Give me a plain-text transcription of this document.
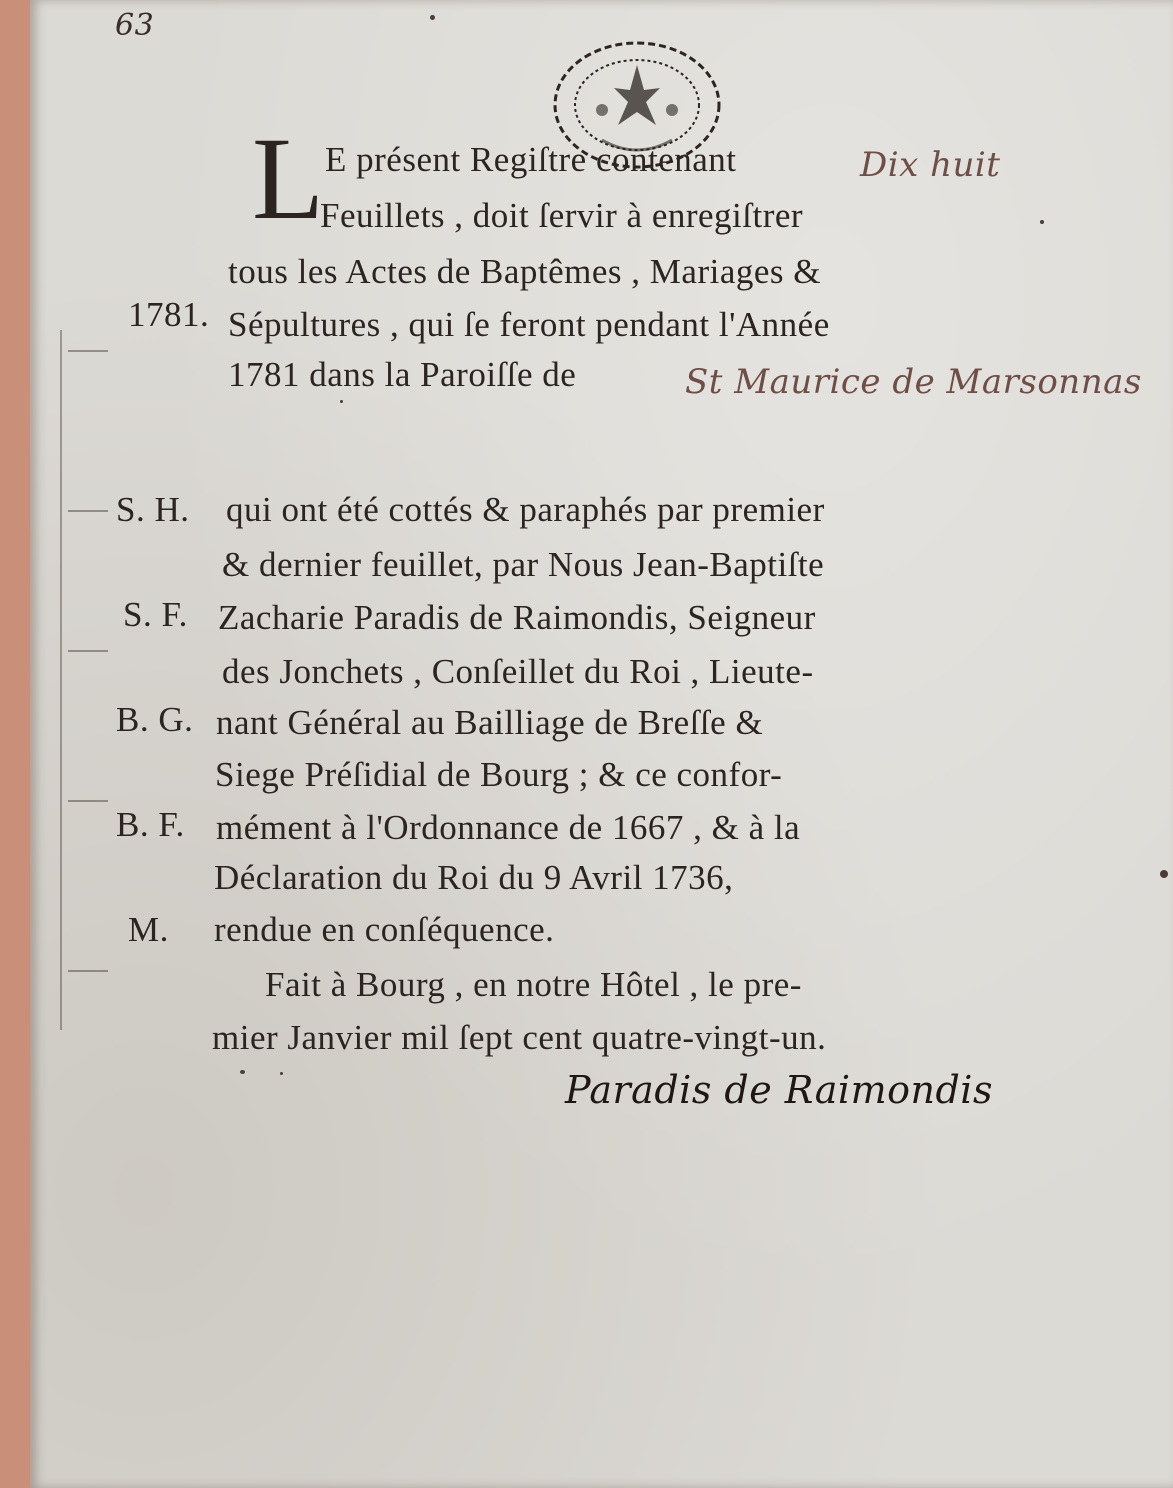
63
L E présent Regiſtre contenant	Dix huit
Feuillets , doit ſervir à enregiſtrer
tous les Actes de Baptêmes , Mariages &
1781. Sépultures , qui ſe feront pendant l'Année
1781 dans la Paroiſſe de	St Maurice de Marsonnas
S. H.
S. F.
B. G.
B. F.
M.
qui ont été cottés & paraphés par premier
& dernier feuillet, par Nous Jean-Baptiſte
Zacharie Paradis de Raimondis, Seigneur
des Jonchets , Conſeillet du Roi , Lieute-
nant Général au Bailliage de Breſſe &
Siege Préſidial de Bourg ; & ce confor-
mément à l'Ordonnance de 1667 , & à la
Déclaration du Roi du 9 Avril 1736,
rendue en conſéquence.
Fait à Bourg , en notre Hôtel , le pre-
mier Janvier mil ſept cent quatre-vingt-un.
Paradis de Raimondis
